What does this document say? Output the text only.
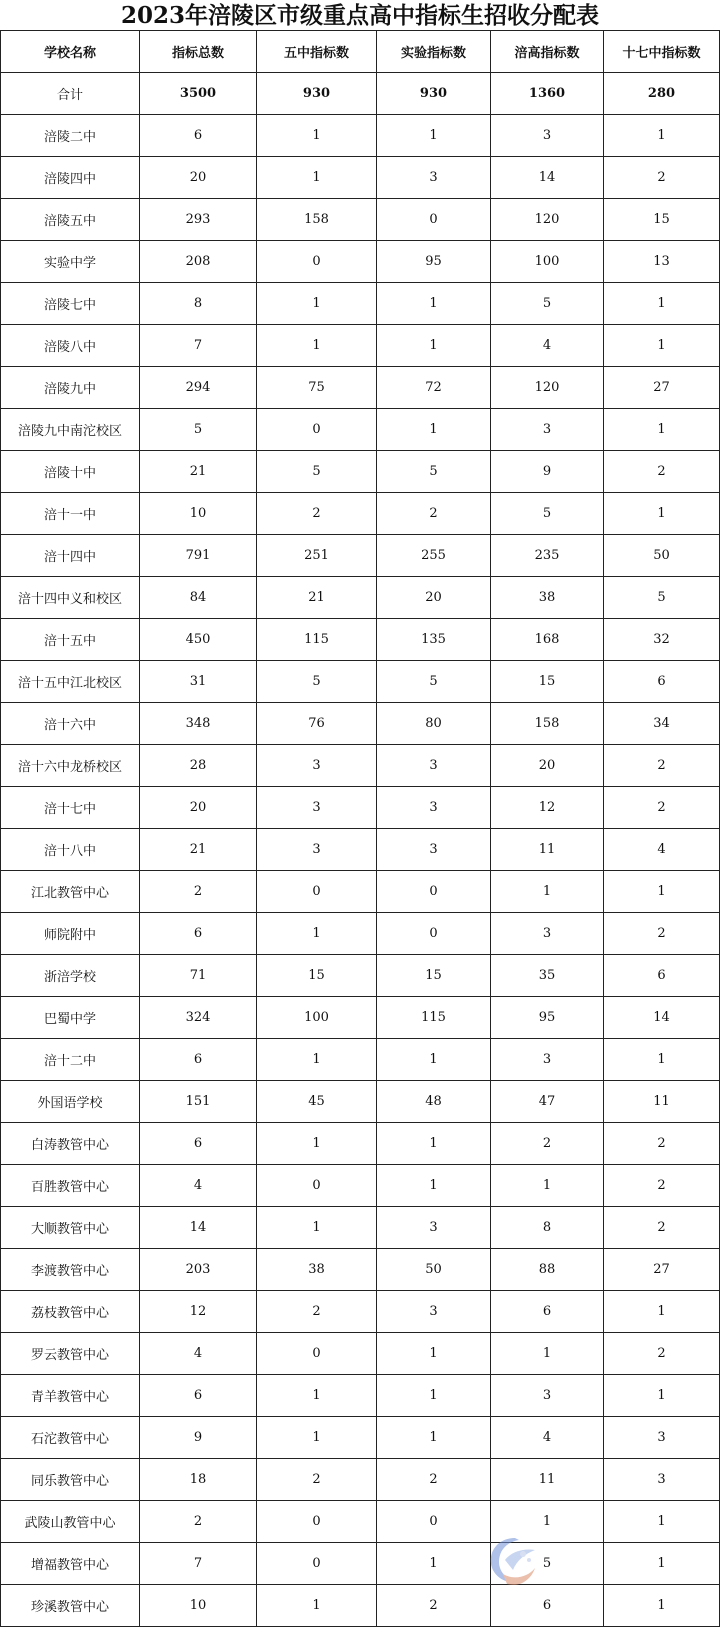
2023年涪陵区市级重点高中指标生招收分配表
学校名称	指标总数	五中指标数	实验指标数	涪高指标数	十七中指标数
合计	3500	930	930	1360	280
涪陵二中	6	1	1	3	1
涪陵四中	20	1	3	14	2
涪陵五中	293	158	0	120	15
实验中学	208	0	95	100	13
涪陵七中	8	1	1	5	1
涪陵八中	7	1	1	4	1
涪陵九中	294	75	72	120	27
涪陵九中南沱校区	5	0	1	3	1
涪陵十中	21	5	5	9	2
涪十一中	10	2	2	5	1
涪十四中	791	251	255	235	50
涪十四中义和校区	84	21	20	38	5
涪十五中	450	115	135	168	32
涪十五中江北校区	31	5	5	15	6
涪十六中	348	76	80	158	34
涪十六中龙桥校区	28	3	3	20	2
涪十七中	20	3	3	12	2
涪十八中	21	3	3	11	4
江北教管中心	2	0	0	1	1
师院附中	6	1	0	3	2
浙涪学校	71	15	15	35	6
巴蜀中学	324	100	115	95	14
涪十二中	6	1	1	3	1
外国语学校	151	45	48	47	11
白涛教管中心	6	1	1	2	2
百胜教管中心	4	0	1	1	2
大顺教管中心	14	1	3	8	2
李渡教管中心	203	38	50	88	27
荔枝教管中心	12	2	3	6	1
罗云教管中心	4	0	1	1	2
青羊教管中心	6	1	1	3	1
石沱教管中心	9	1	1	4	3
同乐教管中心	18	2	2	11	3
武陵山教管中心	2	0	0	1	1
增福教管中心	7	0	1	5	1
珍溪教管中心	10	1	2	6	1
